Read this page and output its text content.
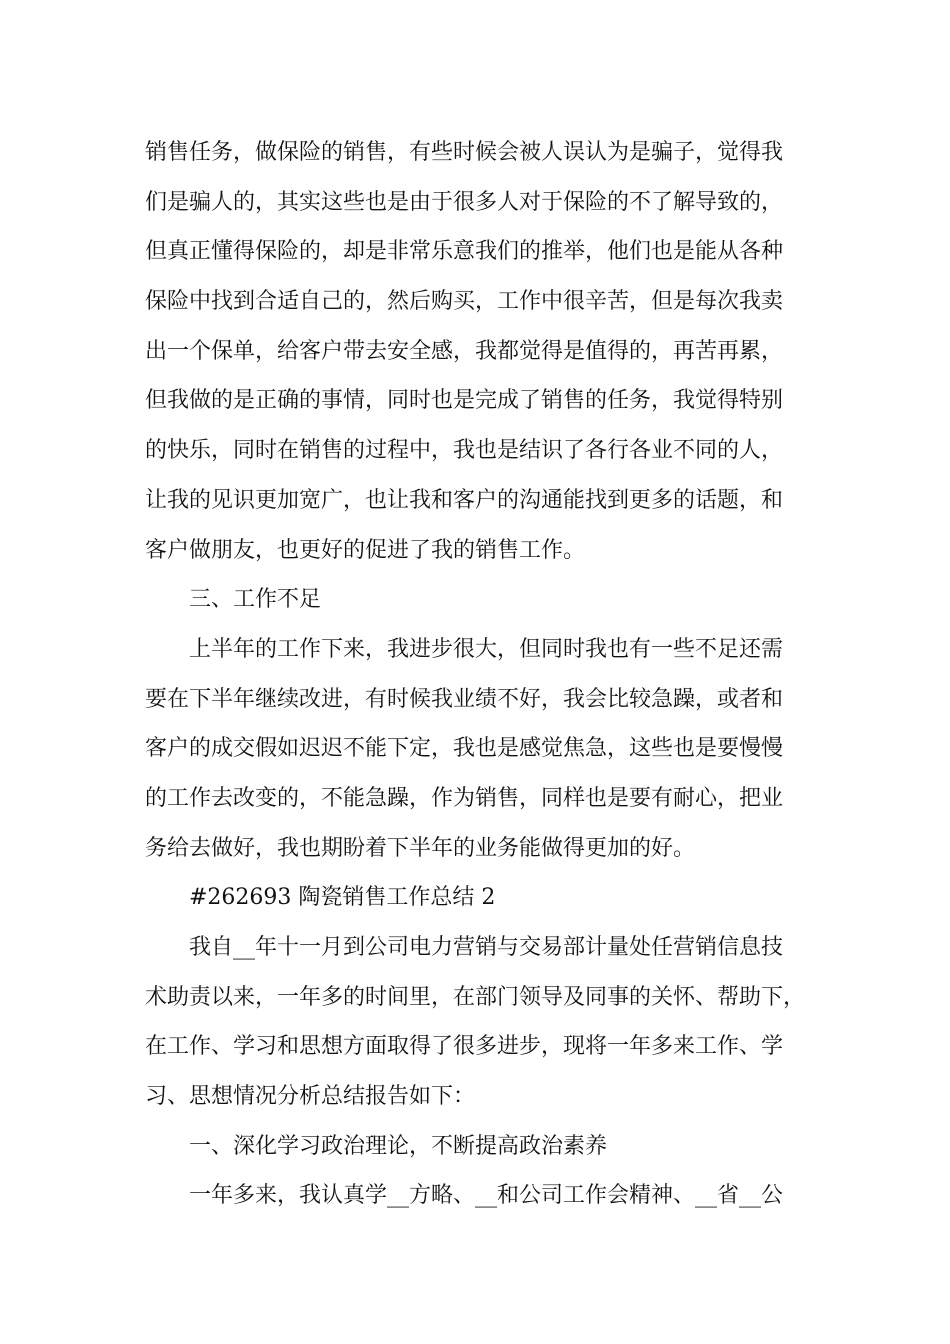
销售任务，做保险的销售，有些时候会被人误认为是骗子，觉得我
们是骗人的，其实这些也是由于很多人对于保险的不了解导致的，
但真正懂得保险的，却是非常乐意我们的推举，他们也是能从各种
保险中找到合适自己的，然后购买，工作中很辛苦，但是每次我卖
出一个保单，给客户带去安全感，我都觉得是值得的，再苦再累，
但我做的是正确的事情，同时也是完成了销售的任务，我觉得特别
的快乐，同时在销售的过程中，我也是结识了各行各业不同的人，
让我的见识更加宽广，也让我和客户的沟通能找到更多的话题，和
客户做朋友，也更好的促进了我的销售工作。
三、工作不足
上半年的工作下来，我进步很大，但同时我也有一些不足还需
要在下半年继续改进，有时候我业绩不好，我会比较急躁，或者和
客户的成交假如迟迟不能下定，我也是感觉焦急，这些也是要慢慢
的工作去改变的，不能急躁，作为销售，同样也是要有耐心，把业
务给去做好，我也期盼着下半年的业务能做得更加的好。
#262693 陶瓷销售工作总结 2
我自__年十一月到公司电力营销与交易部计量处任营销信息技
术助责以来，一年多的时间里，在部门领导及同事的关怀、帮助下，
在工作、学习和思想方面取得了很多进步，现将一年多来工作、学
习、思想情况分析总结报告如下：
一、深化学习政治理论，不断提高政治素养
一年多来，我认真学__方略、__和公司工作会精神、__省__公
